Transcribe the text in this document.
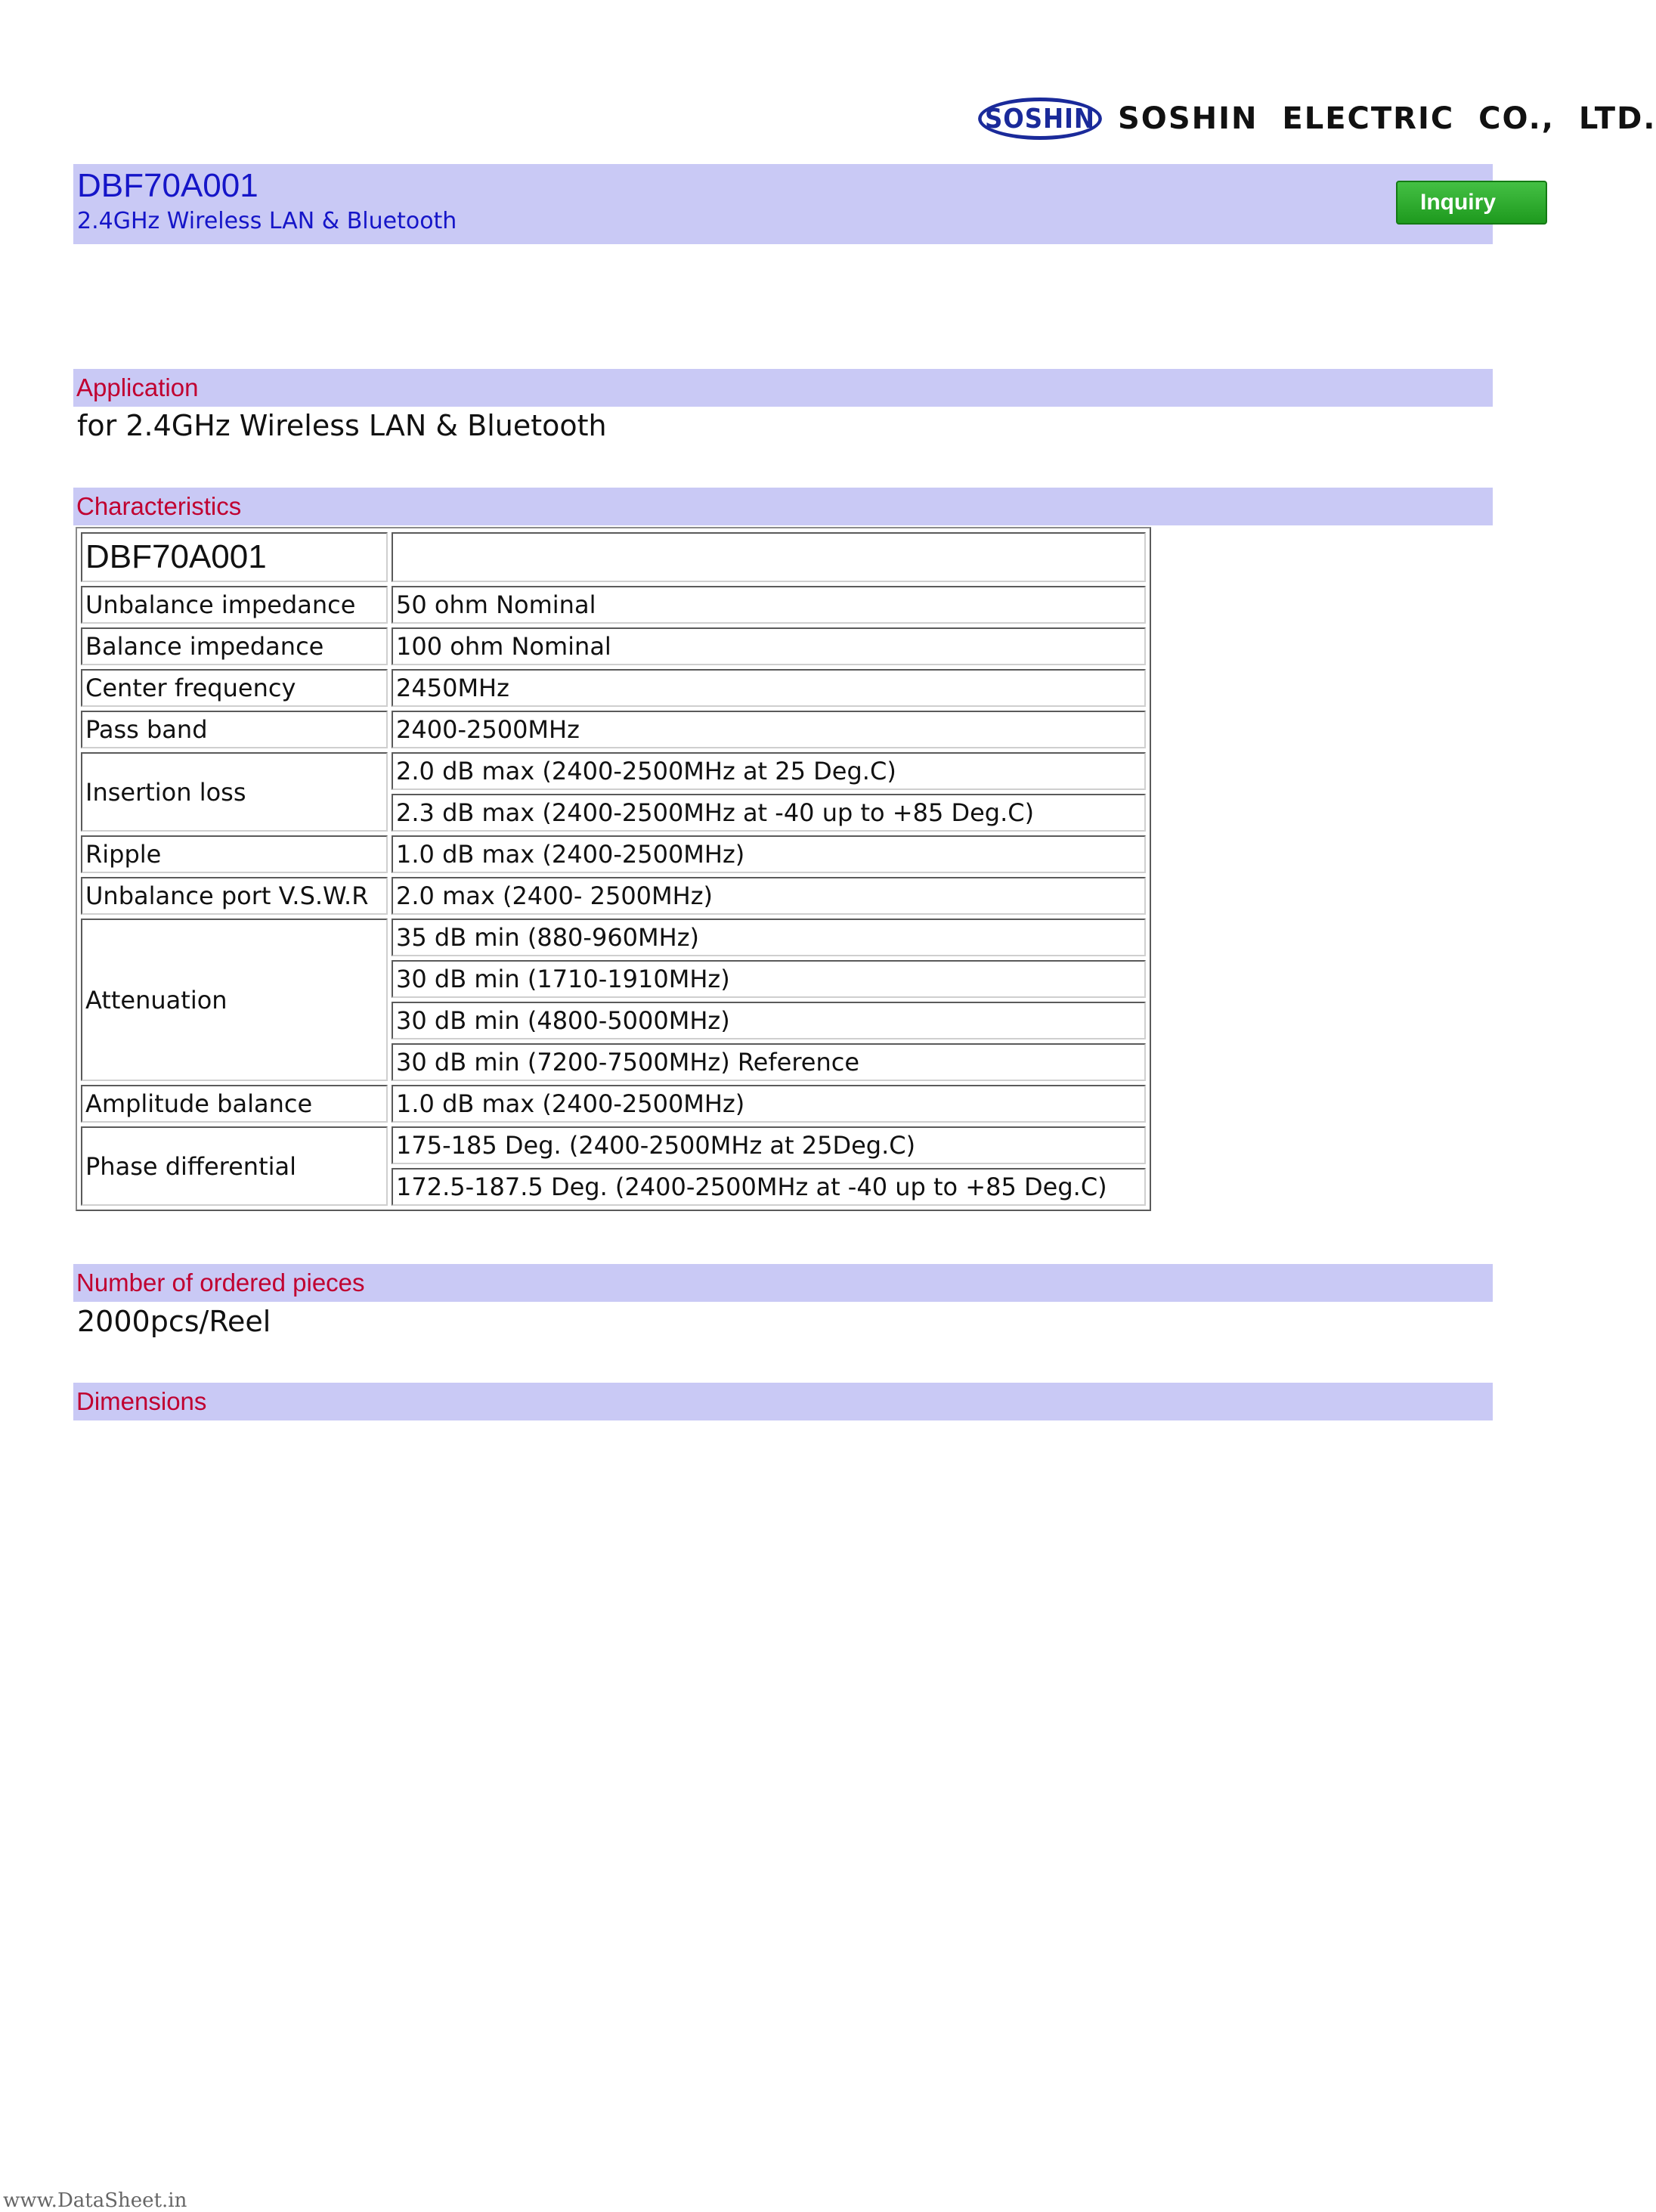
SOSHIN SOSHIN ELECTRIC CO., LTD.
DBF70A001
2.4GHz Wireless LAN & Bluetooth
Inquiry
Application
for 2.4GHz Wireless LAN & Bluetooth
Characteristics
DBF70A001	
Unbalance impedance	50 ohm Nominal
Balance impedance	100 ohm Nominal
Center frequency	2450MHz
Pass band	2400-2500MHz
Insertion loss	2.0 dB max (2400-2500MHz at 25 Deg.C)
	2.3 dB max (2400-2500MHz at -40 up to +85 Deg.C)
Ripple	1.0 dB max (2400-2500MHz)
Unbalance port V.S.W.R	2.0 max (2400- 2500MHz)
Attenuation	35 dB min (880-960MHz)
	30 dB min (1710-1910MHz)
	30 dB min (4800-5000MHz)
	30 dB min (7200-7500MHz) Reference
Amplitude balance	1.0 dB max (2400-2500MHz)
Phase differential	175-185 Deg. (2400-2500MHz at 25Deg.C)
	172.5-187.5 Deg. (2400-2500MHz at -40 up to +85 Deg.C)
Number of ordered pieces
2000pcs/Reel
Dimensions
www.DataSheet.in
